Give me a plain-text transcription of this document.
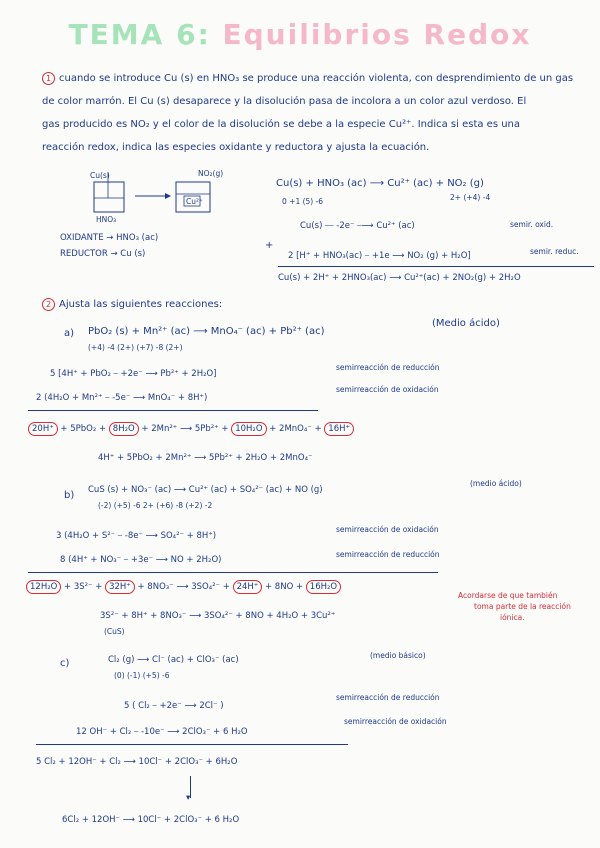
TEMA 6: Equilibrios Redox
1 cuando se introduce Cu (s) en HNO₃ se produce una reacción violenta, con desprendimiento de un gas
de color marrón. El Cu (s) desaparece y la disolución pasa de incolora a un color azul verdoso. El
gas producido es NO₂ y el color de la disolución se debe a la especie Cu²⁺. Indica si esta es una
reacción redox, indica las especies oxidante y reductora y ajusta la ecuación.
Cu(s)
HNO₃
NO₂(g)
Cu²⁺
Cu(s) + HNO₃ (ac) ⟶ Cu²⁺ (ac) + NO₂ (g)
0 +1 (5) -6	2+ (+4) -4
OXIDANTE → HNO₃ (ac)
REDUCTOR → Cu (s)
Cu(s) ⎯⎯ -2e⁻ ⎯⟶ Cu²⁺ (ac)	semir. oxid.
+
2 [H⁺ + HNO₃(ac) ⎯ +1e ⟶ NO₂ (g) + H₂O]	semir. reduc.
Cu(s) + 2H⁺ + 2HNO₃(ac) ⟶ Cu²⁺(ac) + 2NO₂(g) + 2H₂O
2 Ajusta las siguientes reacciones:
a) PbO₂ (s) + Mn²⁺ (ac) ⟶ MnO₄⁻ (ac) + Pb²⁺ (ac)
(Medio ácido)
(+4) -4 (2+) (+7) -8 (2+)
5 [4H⁺ + PbO₂ ⎯ +2e⁻ ⟶ Pb²⁺ + 2H₂O]
semirreacción de reducción
2 (4H₂O + Mn²⁺ ⎯ -5e⁻ ⟶ MnO₄⁻ + 8H⁺)
semirreacción de oxidación
20H⁺ + 5PbO₂ + 8H₂O + 2Mn²⁺ ⟶ 5Pb²⁺ + 10H₂O + 2MnO₄⁻ + 16H⁺
4H⁺ + 5PbO₂ + 2Mn²⁺ ⟶ 5Pb²⁺ + 2H₂O + 2MnO₄⁻
b) CuS (s) + NO₃⁻ (ac) ⟶ Cu²⁺ (ac) + SO₄²⁻ (ac) + NO (g)
(medio ácido)
(-2) (+5) -6 2+ (+6) -8 (+2) -2
3 (4H₂O + S²⁻ ⎯ -8e⁻ ⟶ SO₄²⁻ + 8H⁺)
semirreacción de oxidación
8 (4H⁺ + NO₃⁻ ⎯ +3e⁻ ⟶ NO + 2H₂O)
semirreacción de reducción
12H₂O + 3S²⁻ + 32H⁺ + 8NO₃⁻ ⟶ 3SO₄²⁻ + 24H⁺ + 8NO + 16H₂O
3S²⁻ + 8H⁺ + 8NO₃⁻ ⟶ 3SO₄²⁻ + 8NO + 4H₂O + 3Cu²⁺
(CuS)
Acordarse de que también
toma parte de la reacción
iónica.
c)	Cl₂ (g) ⟶ Cl⁻ (ac) + ClO₃⁻ (ac)	(medio básico)
(0) (-1) (+5) -6
5 ( Cl₂ ⎯ +2e⁻ ⟶ 2Cl⁻ )
semirreacción de reducción
12 OH⁻ + Cl₂ ⎯ -10e⁻ ⟶ 2ClO₃⁻ + 6 H₂O
semirreacción de oxidación
5 Cl₂ + 12OH⁻ + Cl₂ ⟶ 10Cl⁻ + 2ClO₃⁻ + 6H₂O
▾
6Cl₂ + 12OH⁻ ⟶ 10Cl⁻ + 2ClO₃⁻ + 6 H₂O
